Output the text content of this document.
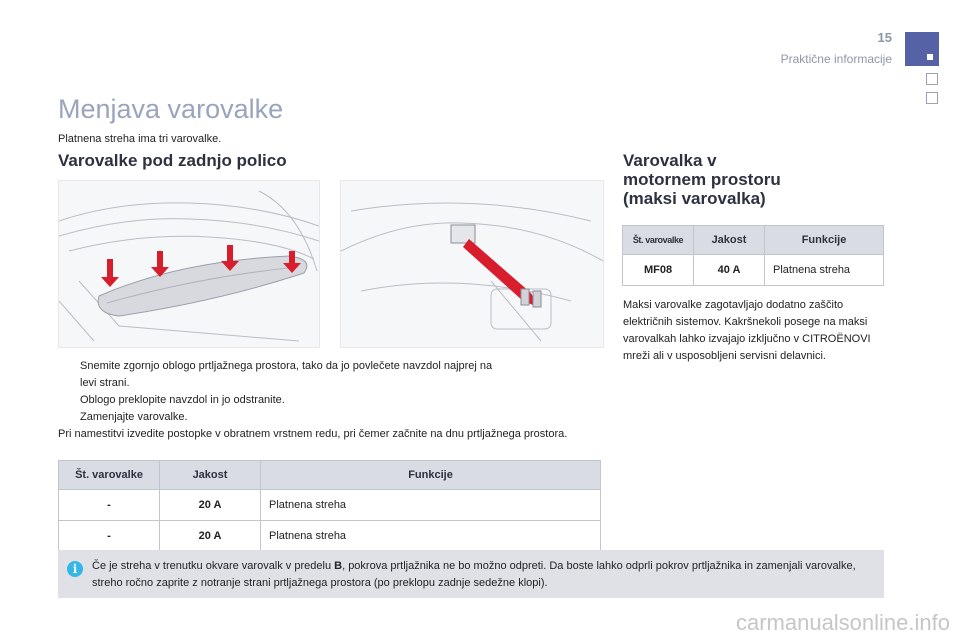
15
Praktične informacije
Menjava varovalke
Platnena streha ima tri varovalke.
Varovalke pod zadnjo polico	Varovalka v
motornem prostoru
(maksi varovalka)
Snemite zgornjo oblogo prtljažnega prostora, tako da jo povlečete navzdol najprej na
levi strani.
Oblogo preklopite navzdol in jo odstranite.
Zamenjajte varovalke.
Pri namestitvi izvedite postopke v obratnem vrstnem redu, pri čemer začnite na dnu prtljažnega prostora.
Št. varovalke	Jakost	Funkcije
-	20 A	Platnena streha
-	20 A	Platnena streha
Št. varovalke	Jakost	Funkcije
MF08	40 A	Platnena streha
Maksi varovalke zagotavljajo dodatno zaščito električnih sistemov. Kakršnekoli posege na maksi varovalkah lahko izvajajo izključno v CITROËNOVI mreži ali v usposobljeni servisni delavnici.
i	Če je streha v trenutku okvare varovalk v predelu B, pokrova prtljažnika ne bo možno odpreti. Da boste lahko odprli pokrov prtljažnika in zamenjali varovalke, streho ročno zaprite z notranje strani prtljažnega prostora (po preklopu zadnje sedežne klopi).
carmanualsonline.info
